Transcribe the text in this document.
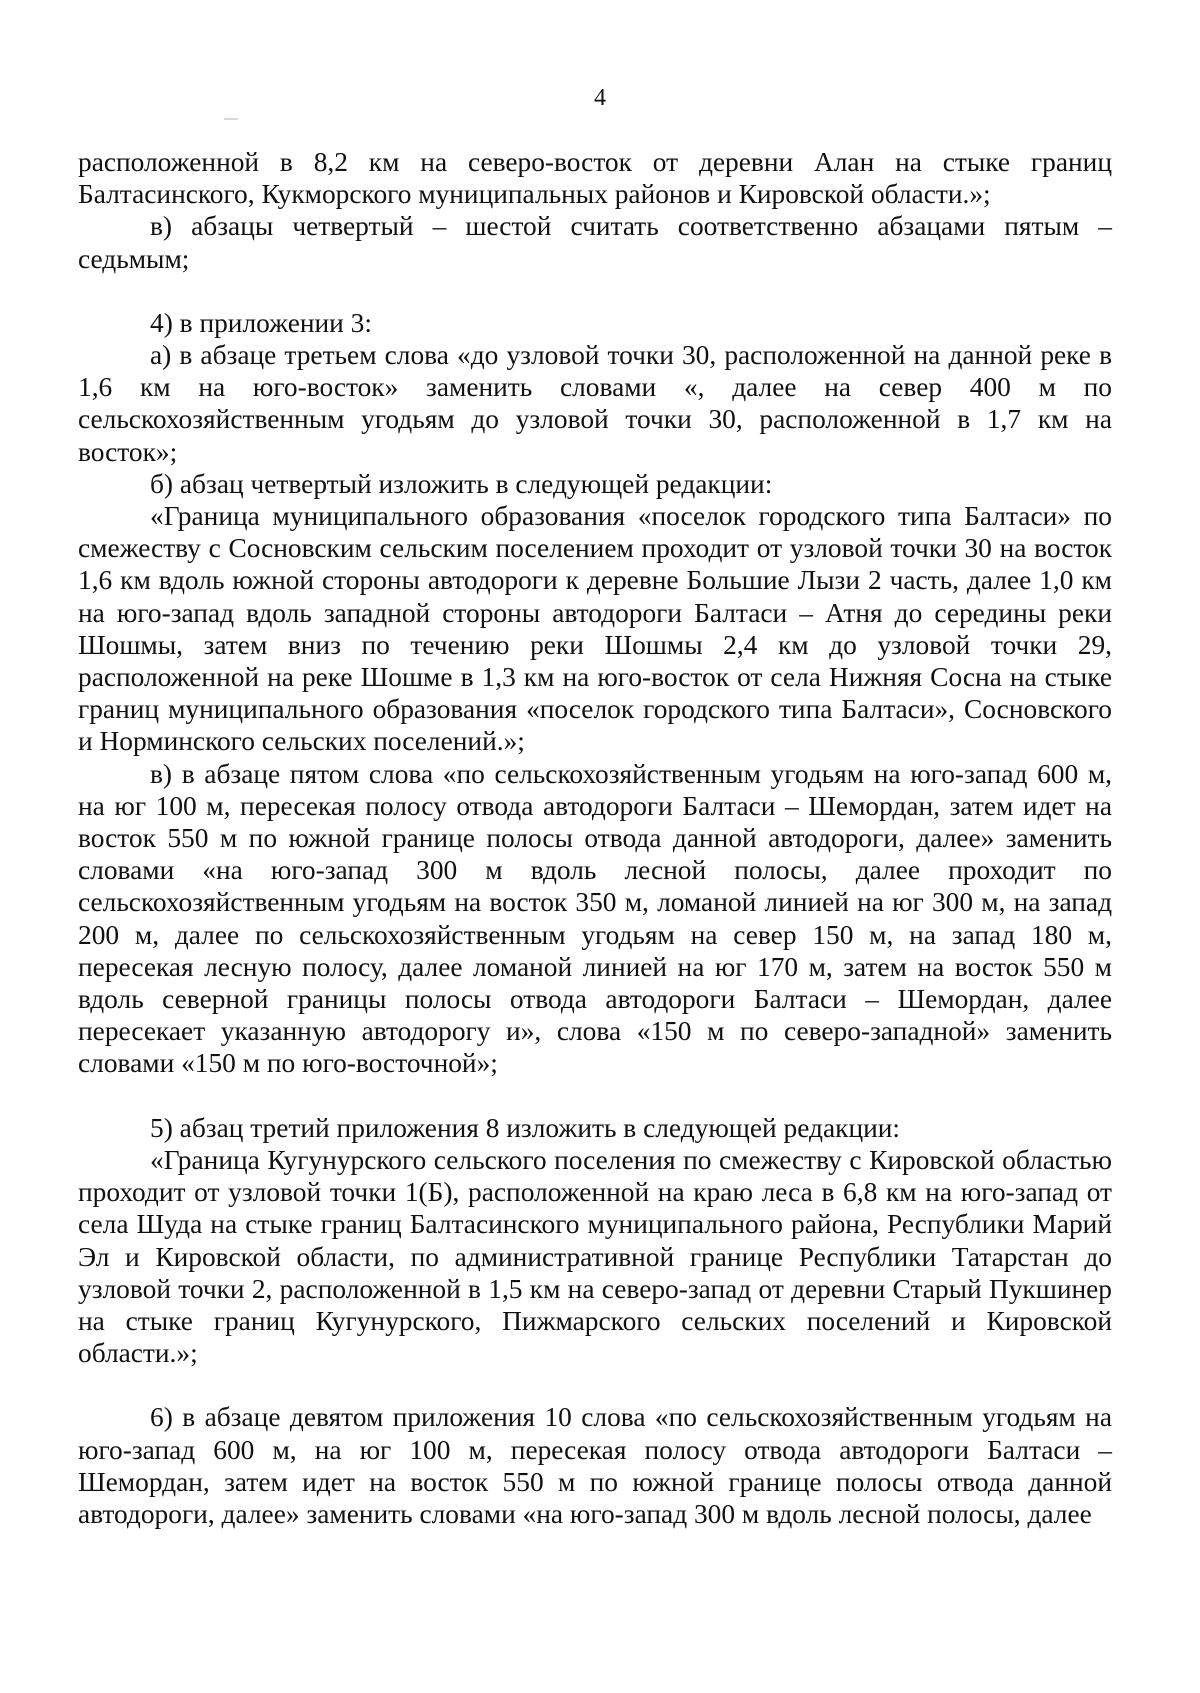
4

расположенной в 8,2 км на северо-восток от деревни Алан на стыке границ Балтасинского, Кукморского муниципальных районов и Кировской области.»;

в) абзацы четвертый – шестой считать соответственно абзацами пятым – седьмым;

4) в приложении 3:

а) в абзаце третьем слова «до узловой точки 30, расположенной на данной реке в 1,6 км на юго-восток» заменить словами «, далее на север 400 м по сельскохозяйственным угодьям до узловой точки 30, расположенной в 1,7 км на восток»;

б) абзац четвертый изложить в следующей редакции:

«Граница муниципального образования «поселок городского типа Балтаси» по смежеству с Сосновским сельским поселением проходит от узловой точки 30 на восток 1,6 км вдоль южной стороны автодороги к деревне Большие Лызи 2 часть, далее 1,0 км на юго-запад вдоль западной стороны автодороги Балтаси – Атня до середины реки Шошмы, затем вниз по течению реки Шошмы 2,4 км до узловой точки 29, расположенной на реке Шошме в 1,3 км на юго-восток от села Нижняя Сосна на стыке границ муниципального образования «поселок городского типа Балтаси», Сосновского и Норминского сельских поселений.»;

в) в абзаце пятом слова «по сельскохозяйственным угодьям на юго-запад 600 м, на юг 100 м, пересекая полосу отвода автодороги Балтаси – Шемордан, затем идет на восток 550 м по южной границе полосы отвода данной автодороги, далее» заменить словами «на юго-запад 300 м вдоль лесной полосы, далее проходит по сельскохозяйственным угодьям на восток 350 м, ломаной линией на юг 300 м, на запад 200 м, далее по сельскохозяйственным угодьям на север 150 м, на запад 180 м, пересекая лесную полосу, далее ломаной линией на юг 170 м, затем на восток 550 м вдоль северной границы полосы отвода автодороги Балтаси – Шемордан, далее пересекает указанную автодорогу и», слова «150 м по северо-западной» заменить словами «150 м по юго-восточной»;

5) абзац третий приложения 8 изложить в следующей редакции:

«Граница Кугунурского сельского поселения по смежеству с Кировской областью проходит от узловой точки 1(Б), расположенной на краю леса в 6,8 км на юго-запад от села Шуда на стыке границ Балтасинского муниципального района, Республики Марий Эл и Кировской области, по административной границе Республики Татарстан до узловой точки 2, расположенной в 1,5 км на северо-запад от деревни Старый Пукшинер на стыке границ Кугунурского, Пижмарского сельских поселений и Кировской области.»;

6) в абзаце девятом приложения 10 слова «по сельскохозяйственным угодьям на юго-запад 600 м, на юг 100 м, пересекая полосу отвода автодороги Балтаси – Шемордан, затем идет на восток 550 м по южной границе полосы отвода данной автодороги, далее» заменить словами «на юго-запад 300 м вдоль лесной полосы, далее
